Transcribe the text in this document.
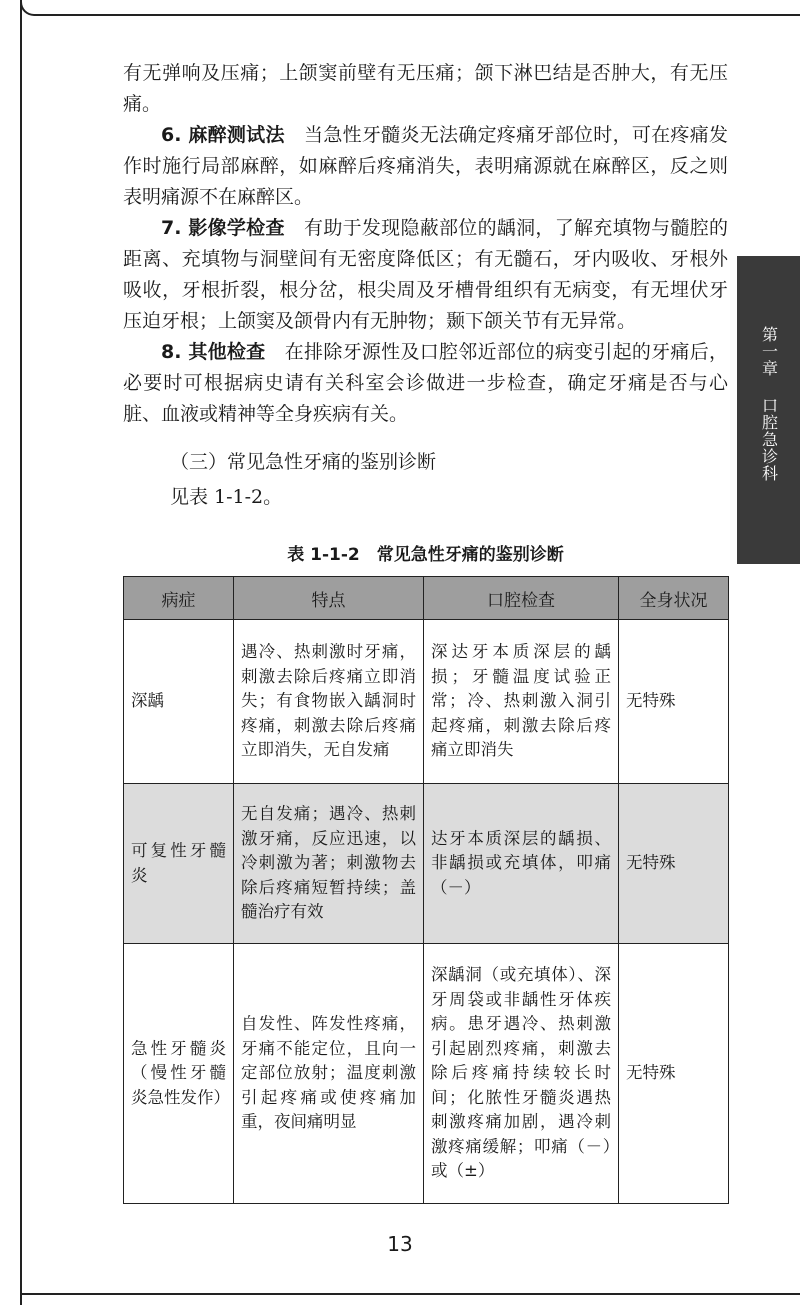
第一章 口腔急诊科

有无弹响及压痛；上颌窦前壁有无压痛；颌下淋巴结是否肿大，有无压痛。

6. 麻醉测试法　 当急性牙髓炎无法确定疼痛牙部位时，可在疼痛发作时施行局部麻醉，如麻醉后疼痛消失，表明痛源就在麻醉区，反之则表明痛源不在麻醉区。

7. 影像学检查　 有助于发现隐蔽部位的龋洞，了解充填物与髓腔的距离、充填物与洞壁间有无密度降低区；有无髓石，牙内吸收、牙根外吸收，牙根折裂，根分岔，根尖周及牙槽骨组织有无病变，有无埋伏牙压迫牙根；上颌窦及颌骨内有无肿物；颞下颌关节有无异常。

8. 其他检查　 在排除牙源性及口腔邻近部位的病变引起的牙痛后，必要时可根据病史请有关科室会诊做进一步检查，确定牙痛是否与心脏、血液或精神等全身疾病有关。

（三）常见急性牙痛的鉴别诊断
见表 1-1-2。
表 1-1-2　常见急性牙痛的鉴别诊断
病症	特点	口腔检查	全身状况
深龋	遇冷、热刺激时牙痛，刺激去除后疼痛立即消失；有食物嵌入龋洞时疼痛，刺激去除后疼痛立即消失，无自发痛	深达牙本质深层的龋损；牙髓温度试验正常；冷、热刺激入洞引起疼痛，刺激去除后疼痛立即消失	无特殊
可复性牙髓炎	无自发痛；遇冷、热刺激牙痛，反应迅速，以冷刺激为著；刺激物去除后疼痛短暂持续；盖髓治疗有效	达牙本质深层的龋损、非龋损或充填体，叩痛（－）	无特殊
急性牙髓炎（慢性牙髓炎急性发作）	自发性、阵发性疼痛，牙痛不能定位，且向一定部位放射；温度刺激引起疼痛或使疼痛加重，夜间痛明显	深龋洞（或充填体）、深牙周袋或非龋性牙体疾病。患牙遇冷、热刺激引起剧烈疼痛，刺激去除后疼痛持续较长时间；化脓性牙髓炎遇热刺激疼痛加剧，遇冷刺激疼痛缓解；叩痛（－）或（±）	无特殊
13
